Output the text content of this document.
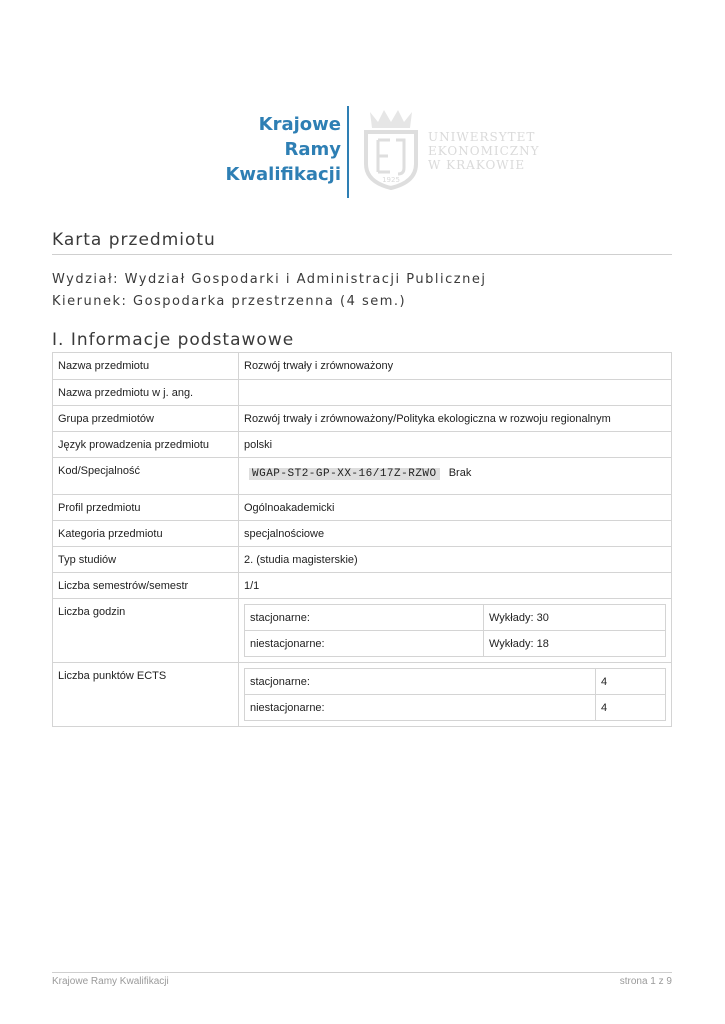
Krajowe
Ramy
Kwalifikacji	1925
UNIWERSYTET
EKONOMICZNY
W KRAKOWIE
Karta przedmiotu
Wydział: Wydział Gospodarki i Administracji Publicznej
Kierunek: Gospodarka przestrzenna (4 sem.)
I. Informacje podstawowe
Nazwa przedmiotu	Rozwój trwały i zrównoważony

Nazwa przedmiotu w j. ang.

Grupa przedmiotów	Rozwój trwały i zrównoważony/Polityka ekologiczna w rozwoju regionalnym

Język prowadzenia przedmiotu	polski

Kod/Specjalność	WGAP-ST2-GP-XX-16/17Z-RZWO Brak

Profil przedmiotu	Ogólnoakademicki

Kategoria przedmiotu	specjalnościowe

Typ studiów	2. (studia magisterskie)

Liczba semestrów/semestr	1/1

Liczba godzin
		stacjonarne:	Wykłady: 30
niestacjonarne:	Wykłady: 18

Liczba punktów ECTS
		stacjonarne:	4
niestacjonarne:	4
Krajowe Ramy Kwalifikacji	strona 1 z 9
